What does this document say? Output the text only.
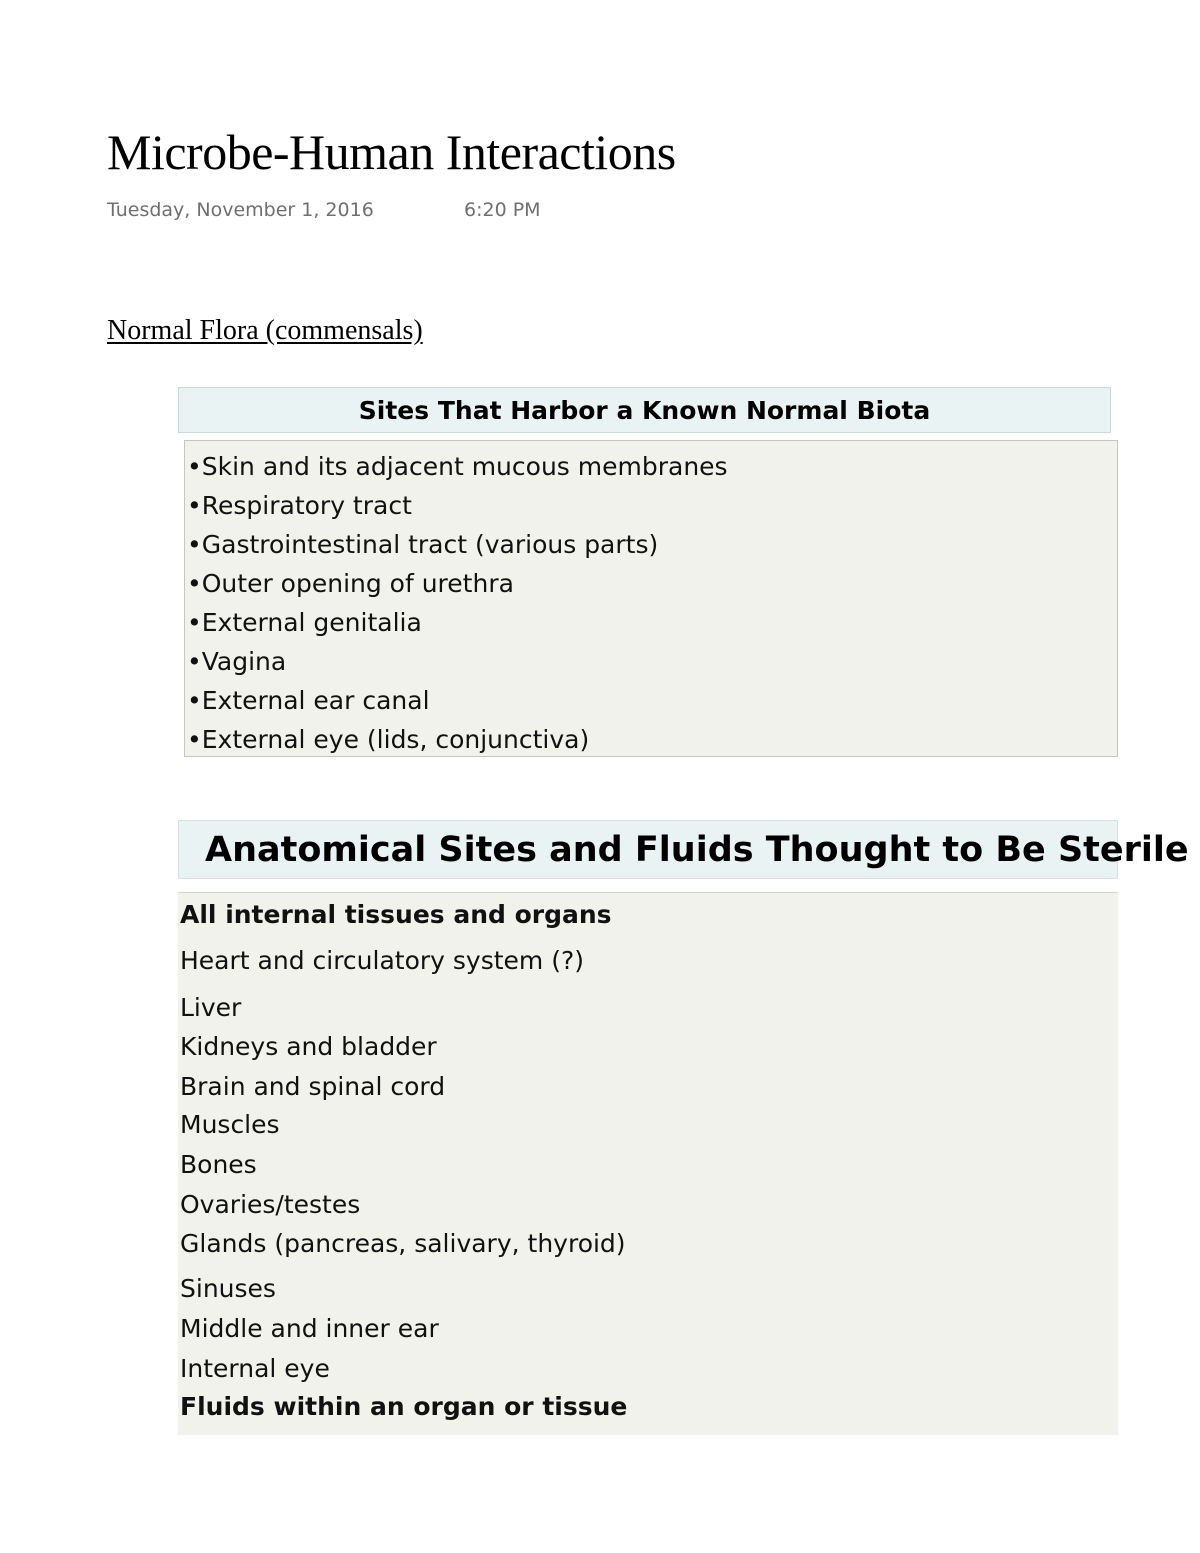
Microbe-Human Interactions
Tuesday, November 1, 2016	6:20 PM
Normal Flora (commensals)
Sites That Harbor a Known Normal Biota
•Skin and its adjacent mucous membranes
•Respiratory tract
•Gastrointestinal tract (various parts)
•Outer opening of urethra
•External genitalia
•Vagina
•External ear canal
•External eye (lids, conjunctiva)
Anatomical Sites and Fluids Thought to Be Sterile
All internal tissues and organs
Heart and circulatory system (?)
Liver
Kidneys and bladder
Brain and spinal cord
Muscles
Bones
Ovaries/testes
Glands (pancreas, salivary, thyroid)
Sinuses
Middle and inner ear
Internal eye
Fluids within an organ or tissue
